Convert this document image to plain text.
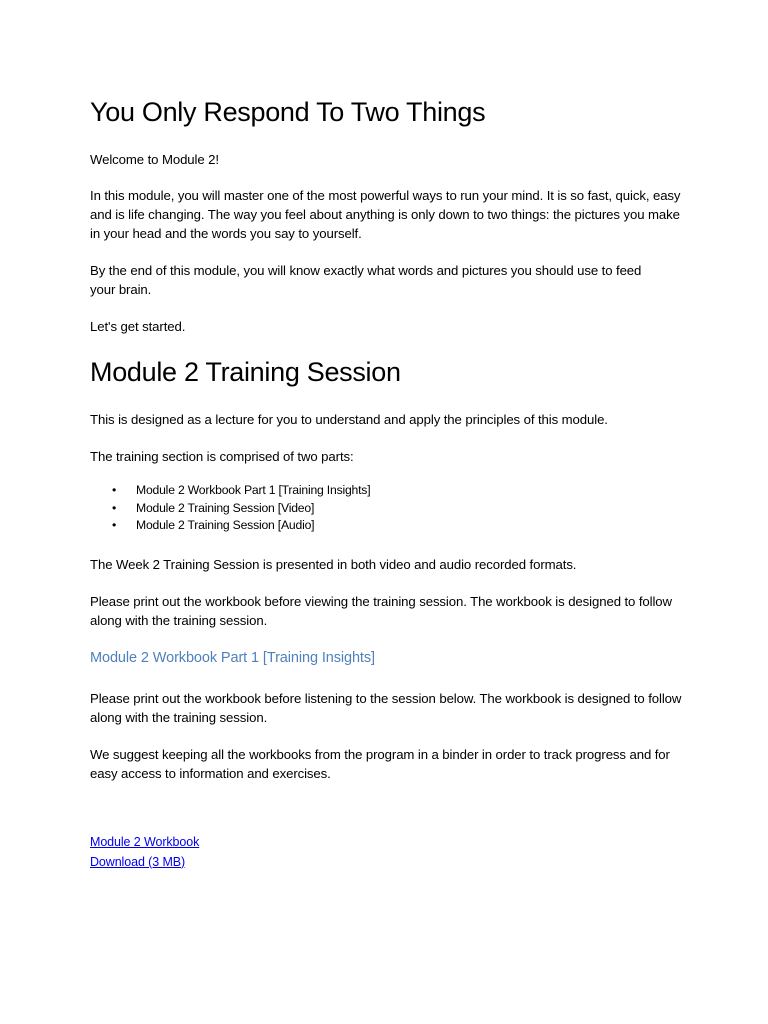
You Only Respond To Two Things

Welcome to Module 2!

In this module, you will master one of the most powerful ways to run your mind. It is so fast, quick, easy and is life changing. The way you feel about anything is only down to two things: the pictures you make in your head and the words you say to yourself.

By the end of this module, you will know exactly what words and pictures you should use to feed your brain.

Let's get started.

Module 2 Training Session

This is designed as a lecture for you to understand and apply the principles of this module.

The training section is comprised of two parts:

• Module 2 Workbook Part 1 [Training Insights]
• Module 2 Training Session [Video]
• Module 2 Training Session [Audio]

The Week 2 Training Session is presented in both video and audio recorded formats.

Please print out the workbook before viewing the training session. The workbook is designed to follow along with the training session.

Module 2 Workbook Part 1 [Training Insights]

Please print out the workbook before listening to the session below. The workbook is designed to follow along with the training session.

We suggest keeping all the workbooks from the program in a binder in order to track progress and for easy access to information and exercises.

Module 2 Workbook
Download (3 MB)
